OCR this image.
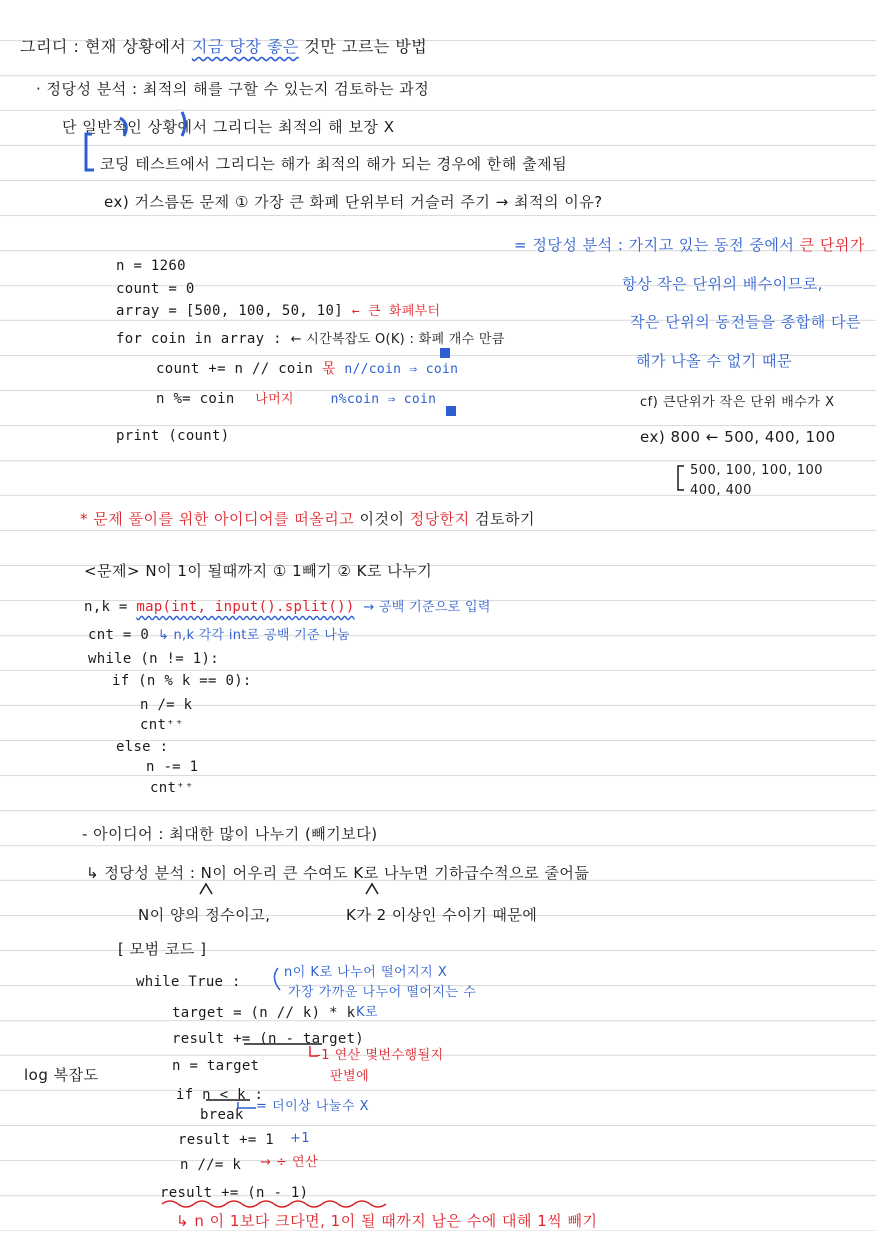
그리디 : 현재 상황에서 지금 당장 좋은 것만 고르는 방법
· 정당성 분석 : 최적의 해를 구할 수 있는지 검토하는 과정
단 일반적인 상황에서 그리디는 최적의 해 보장 X
코딩 테스트에서 그리디는 해가 최적의 해가 되는 경우에 한해 출제됨
ex) 거스름돈 문제 ① 가장 큰 화폐 단위부터 거슬러 주기 → 최적의 이유?
= 정당성 분석 : 가지고 있는 동전 중에서 큰 단위가
항상 작은 단위의 배수이므로,
작은 단위의 동전들을 종합해 다른
해가 나올 수 없기 때문
cf) 큰단위가 작은 단위 배수가 X
ex) 800 ← 500, 400, 100
500, 100, 100, 100
400, 400
n = 1260
count = 0
array = [500, 100, 50, 10] ← 큰 화폐부터
for coin in array : ← 시간복잡도 O(K) : 화폐 개수 만큼
count += n // coin 몫 n//coin ⇒ coin
n %= coin 나머지	n%coin ⇒ coin
print (count)
* 문제 풀이를 위한 아이디어를 떠올리고 이것이 정당한지 검토하기
<문제> N이 1이 될때까지 ① 1빼기 ② K로 나누기
n,k = map(int, input().split()) → 공백 기준으로 입력
cnt = 0 ↳ n,k 각각 int로 공백 기준 나눔
while (n != 1):
if (n % k == 0):
n /= k
cnt⁺⁺
else :
n -= 1
cnt⁺⁺
- 아이디어 : 최대한 많이 나누기 (빼기보다)
↳ 정당성 분석 : N이 어우리 큰 수여도 K로 나누면 기하급수적으로 줄어듦
N이 양의 정수이고,	K가 2 이상인 수이기 때문에
[ 모범 코드 ]
while True :
n이 K로 나누어 떨어지지 X
가장 가까운 나누어 떨어지는 수
K로
target = (n // k) * k
result += (n - target)
-1 연산 몇번수행될지
판별에
n = target
log 복잡도
if n < k :
= 더이상 나눌수 X
break
result += 1 +1
n //= k → ÷ 연산
result += (n - 1)
↳ n 이 1보다 크다면, 1이 될 때까지 남은 수에 대해 1씩 빼기
